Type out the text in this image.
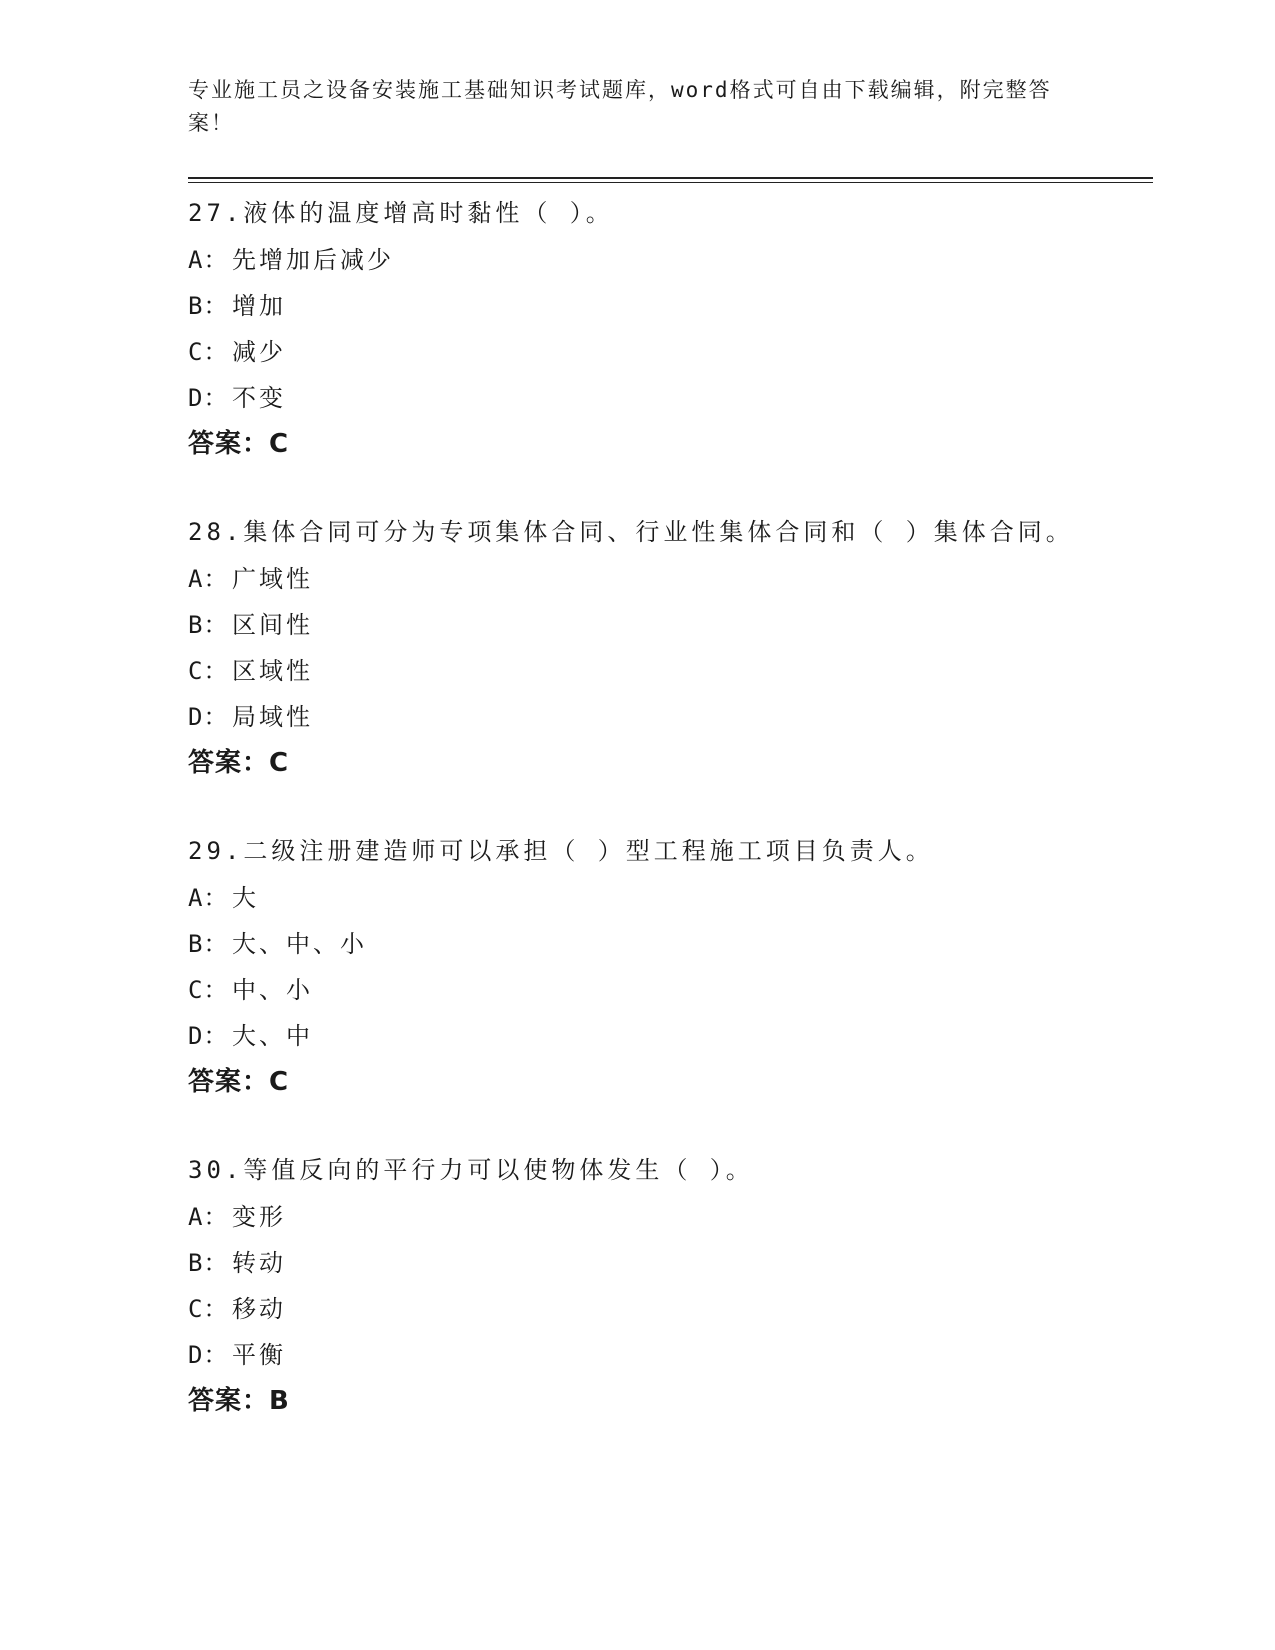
专业施工员之设备安装施工基础知识考试题库，word格式可自由下载编辑，附完整答案！
27.液体的温度增高时黏性（ ）。
A： 先增加后减少
B： 增加
C： 减少
D： 不变
答案：C
28.集体合同可分为专项集体合同、行业性集体合同和（ ）集体合同。
A： 广域性
B： 区间性
C： 区域性
D： 局域性
答案：C
29.二级注册建造师可以承担（ ）型工程施工项目负责人。
A： 大
B： 大、中、小
C： 中、小
D： 大、中
答案：C
30.等值反向的平行力可以使物体发生（ ）。
A： 变形
B： 转动
C： 移动
D： 平衡
答案：B
